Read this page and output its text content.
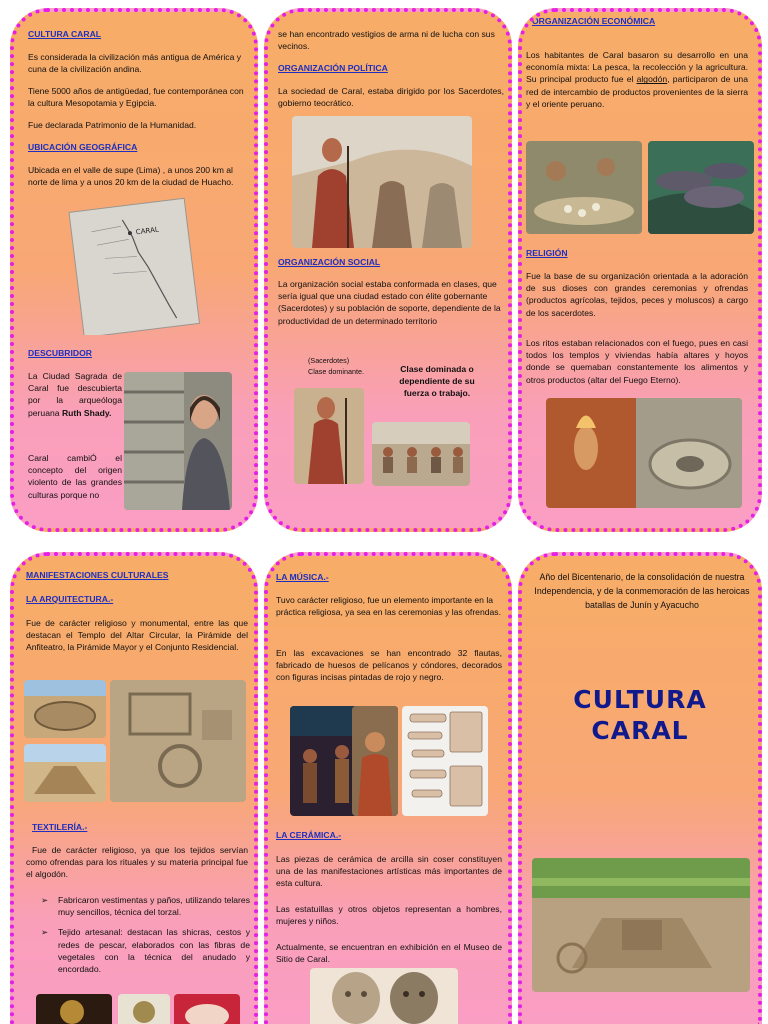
CULTURA CARAL

Es considerada la civilización más antigua de América y cuna de la civilización andina.

Tiene 5000 años de antigüedad, fue contemporánea con la cultura Mesopotamia y Egipcia.

Fue declarada Patrimonio de la Humanidad.

UBICACIÓN GEOGRÁFICA

Ubicada en el valle de supe (Lima) , a unos 200 km al norte de lima y a unos 20 km de la ciudad de Huacho.

CARAL

DESCUBRIDOR

La Ciudad Sagrada de Caral fue descubierta por la arqueóloga peruana Ruth Shady.

Caral cambiÓ el concepto del origen violento de las grandes culturas porque no

se han encontrado vestigios de arma ni de lucha con sus vecinos.

ORGANIZACIÓN POLÍTICA

La sociedad de Caral, estaba dirigido por los Sacerdotes, gobierno teocrático.

ORGANIZACIÓN SOCIAL

La organización social estaba conformada en clases, que sería igual que una ciudad estado con élite gobernante (Sacerdotes) y su población de soporte, dependiente de la productividad de un determinado territorio

(Sacerdotes)

Clase dominante.	Clase dominada o dependiente de su fuerza o trabajo.

ORGANIZACIÓN ECONÓMICA

Los habitantes de Caral basaron su desarrollo en una economía mixta: La pesca, la recolección y la agricultura. Su principal producto fue el algodón, participaron de una red de intercambio de productos provenientes de la sierra y el oriente peruano.

RELIGIÓN

Fue la base de su organización orientada a la adoración de sus dioses con grandes ceremonias y ofrendas (productos agrícolas, tejidos, peces y moluscos) a cargo de los sacerdotes.

Los ritos estaban relacionados con el fuego, pues en casi todos los templos y viviendas había altares y hoyos donde se quemaban constantemente los alimentos y otros productos (altar del Fuego Eterno).

MANIFESTACIONES CULTURALES

LA ARQUITECTURA.-

Fue de carácter religioso y monumental, entre las que destacan el Templo del Altar Circular, la Pirámide del Anfiteatro, la Pirámide Mayor y el Conjunto Residencial.

TEXTILERÍA.-

Fue de carácter religioso, ya que los tejidos servían como ofrendas para los rituales y su materia principal fue el algodón.

➢ Fabricaron vestimentas y paños, utilizando telares muy sencillos, técnica del torzal.
➢ Tejido artesanal: destacan las shicras, cestos y redes de pescar, elaborados con las fibras de vegetales con la técnica del anudado y encordado.

LA MÚSICA.-

Tuvo carácter religioso, fue un elemento importante en la práctica religiosa, ya sea en las ceremonias y las ofrendas.

En las excavaciones se han encontrado 32 flautas, fabricado de huesos de pelícanos y cóndores, decorados con figuras incisas pintadas de rojo y negro.

LA CERÁMICA.-

Las piezas de cerámica de arcilla sin coser constituyen una de las manifestaciones artísticas más importantes de esta cultura.

Las estatuillas y otros objetos representan a hombres, mujeres y niños.

Actualmente, se encuentran en exhibición en el Museo de Sitio de Caral.

Año del Bicentenario, de la consolidación de nuestra Independencia, y de la conmemoración de las heroicas batallas de Junín y Ayacucho

CULTURA
CARAL
